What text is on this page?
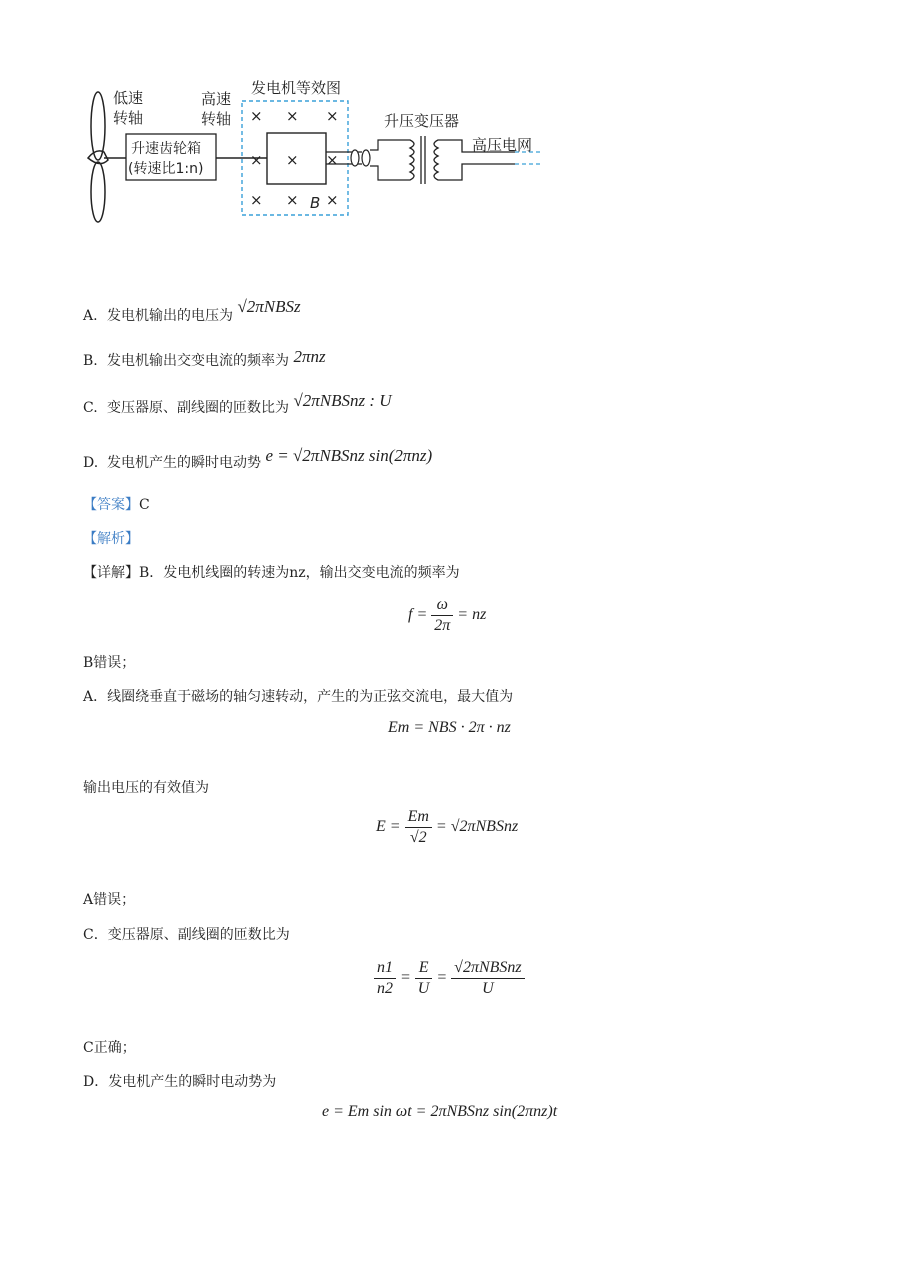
升速齿轮箱
(转速比1:n)
低速
转轴
高速
转轴
发电机等效图
× × ×
× × ×
× × ×
B
升压变压器
高压电网
A. 发电机输出的电压为 √2πNBSz
B. 发电机输出交变电流的频率为 2πnz
C. 变压器原、副线圈的匝数比为 √2πNBSnz : U
D. 发电机产生的瞬时电动势 e = √2πNBSnz sin(2πnz)
【答案】C
【解析】
【详解】B．发电机线圈的转速为nz，输出交变电流的频率为
$f = \frac{\omega}{2\pi}$ = nz
B错误；
A．线圈绕垂直于磁场的轴匀速转动，产生的为正弦交流电，最大值为
Em = NBS · 2π · nz
输出电压的有效值为
$E = \frac{Em}{√2}$ = √2πNBSnz
A错误；
C．变压器原、副线圈的匝数比为
$\frac{n1}{n2} = \frac{E}{U} = \frac{\text{√2πNBSnz}}{U}$
C正确；
D．发电机产生的瞬时电动势为
e = Em sin ωt = 2πNBSnz sin(2πnz)t
